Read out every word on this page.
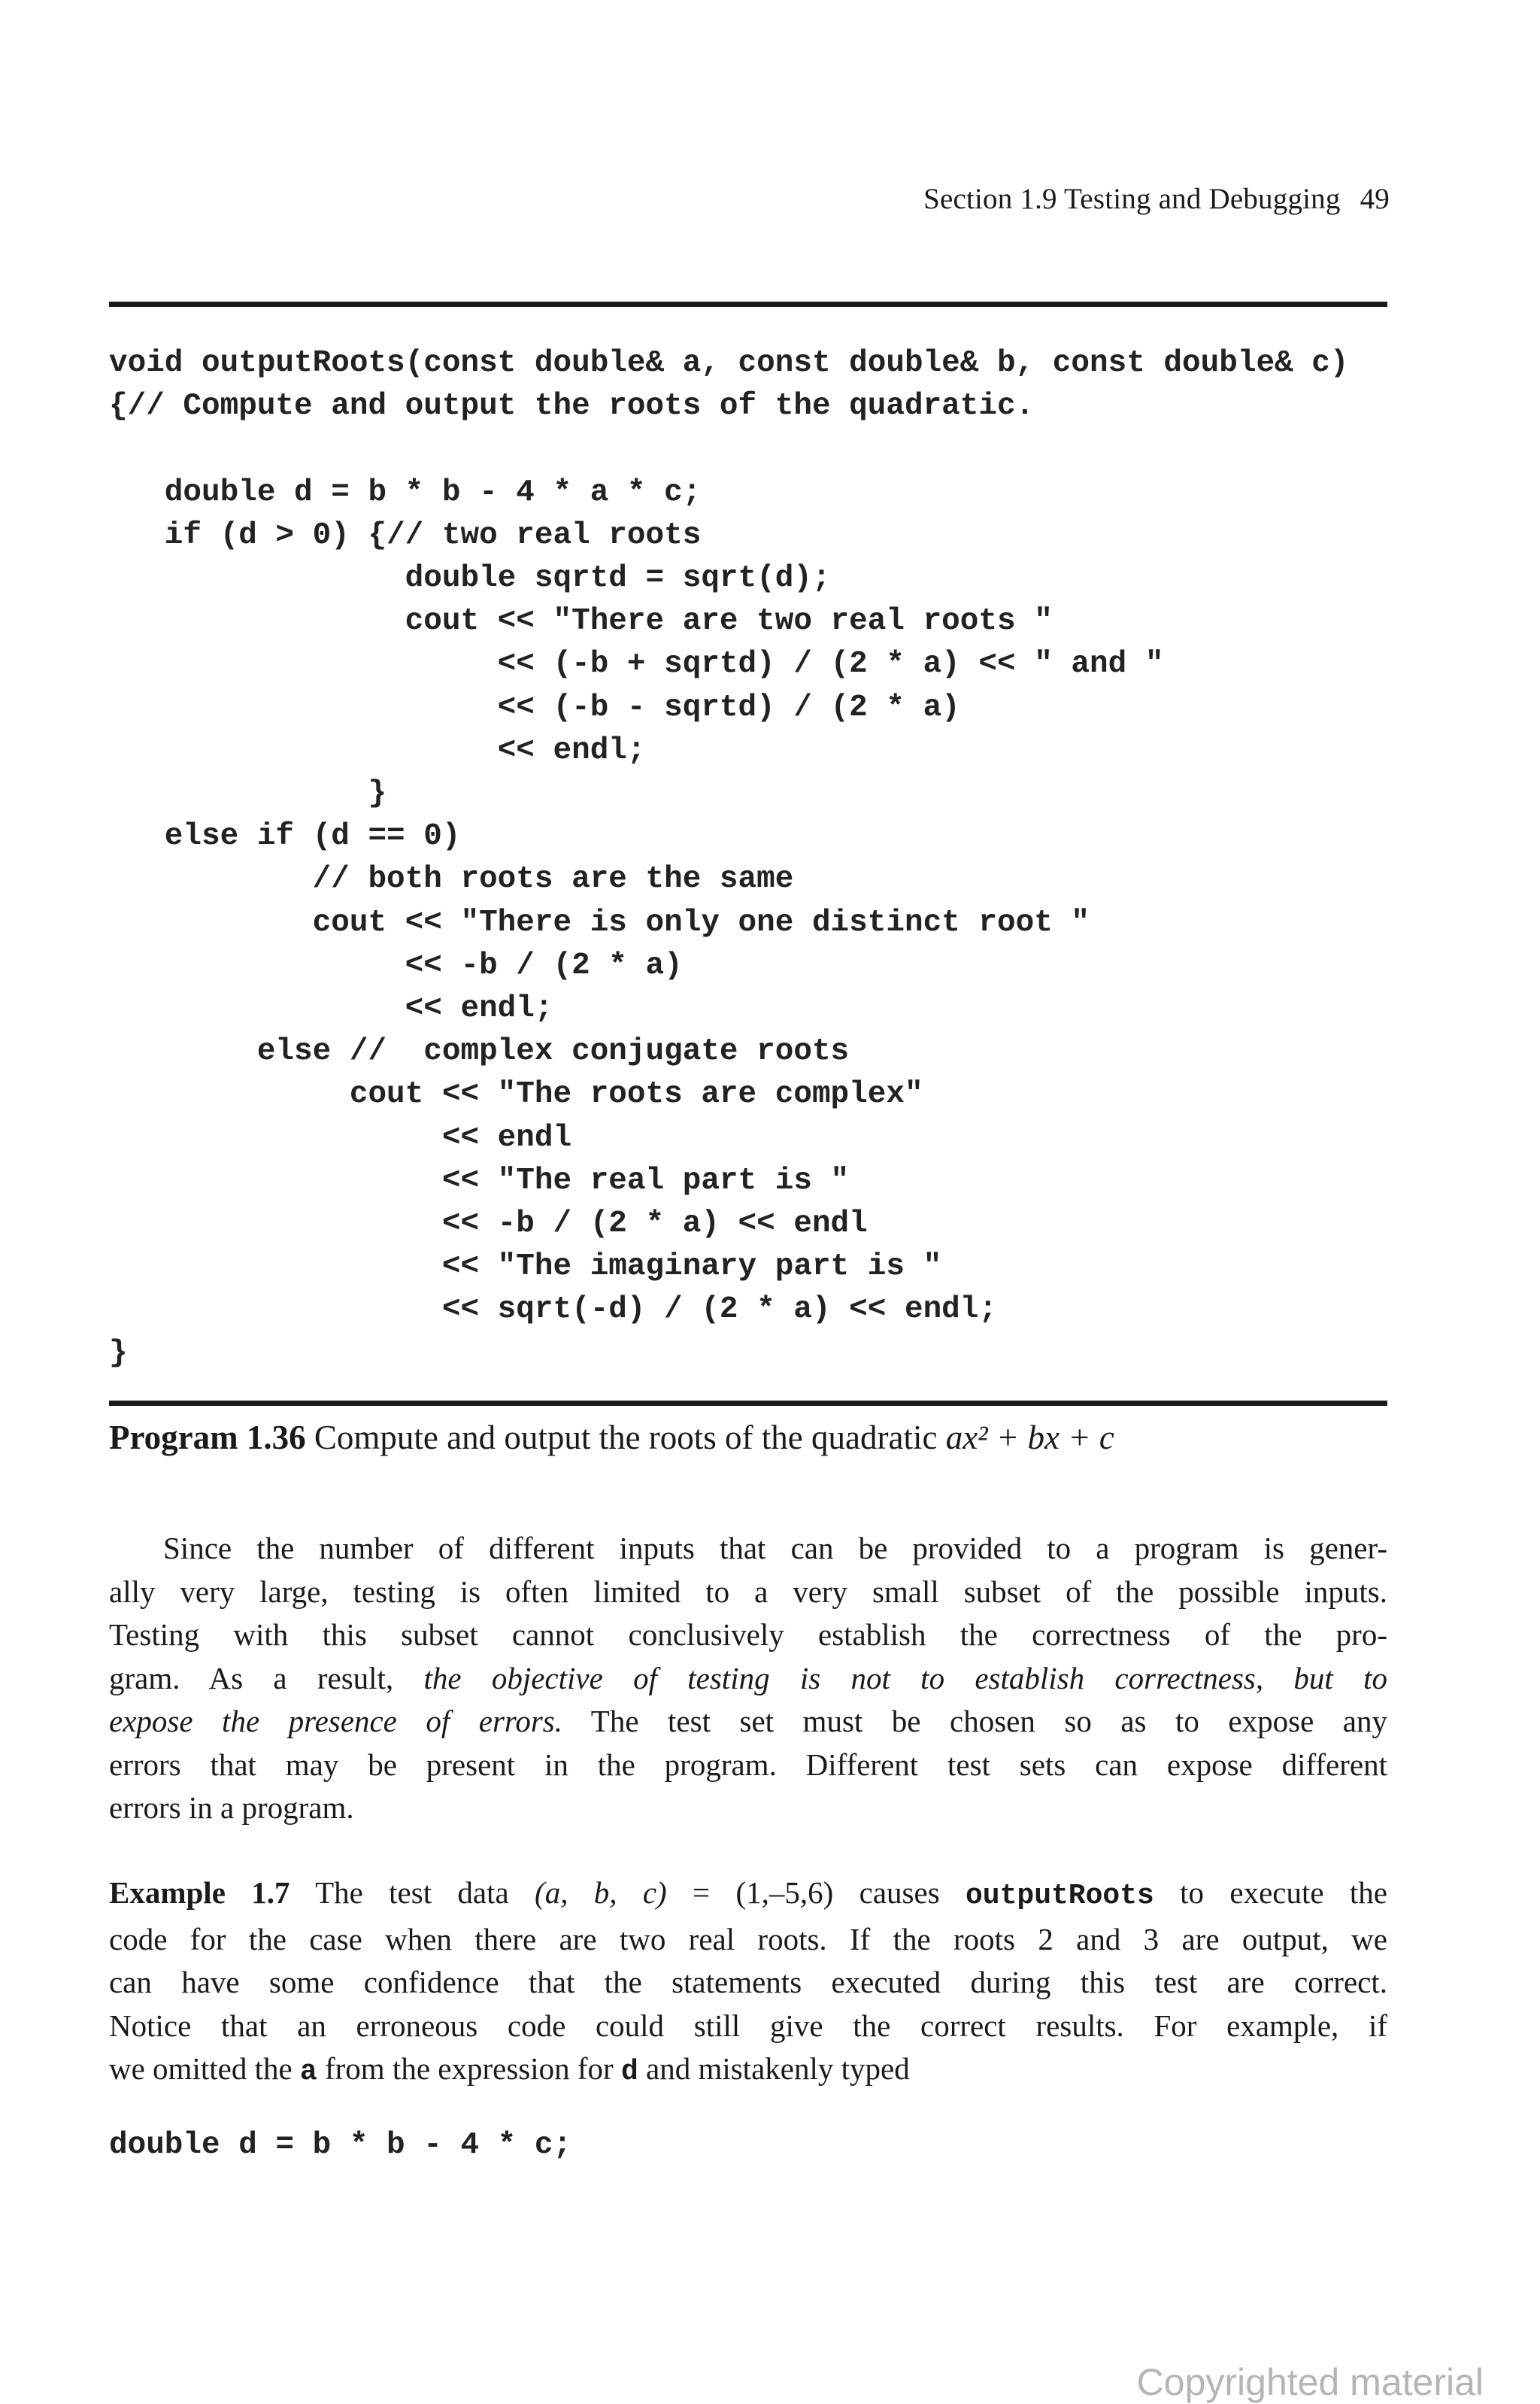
Section 1.9 Testing and Debugging 49
void outputRoots(const double& a, const double& b, const double& c)
{// Compute and output the roots of the quadratic.

double d = b * b - 4 * a * c;
if (d > 0) {// two real roots
double sqrtd = sqrt(d);
cout << "There are two real roots "
<< (-b + sqrtd) / (2 * a) << " and "
<< (-b - sqrtd) / (2 * a)
<< endl;
}
else if (d == 0)
// both roots are the same
cout << "There is only one distinct root "
<< -b / (2 * a)
<< endl;
else //  complex conjugate roots
cout << "The roots are complex"
<< endl
<< "The real part is "
<< -b / (2 * a) << endl
<< "The imaginary part is "
<< sqrt(-d) / (2 * a) << endl;
}
Program 1.36 Compute and output the roots of the quadratic ax² + bx + c
Since the number of different inputs that can be provided to a program is gener-
ally very large, testing is often limited to a very small subset of the possible inputs.
Testing with this subset cannot conclusively establish the correctness of the pro-
gram. As a result, the objective of testing is not to establish correctness, but to
expose the presence of errors. The test set must be chosen so as to expose any
errors that may be present in the program. Different test sets can expose different
errors in a program.
Example 1.7 The test data (a, b, c) = (1,–5,6) causes outputRoots to execute the
code for the case when there are two real roots. If the roots 2 and 3 are output, we
can have some confidence that the statements executed during this test are correct.
Notice that an erroneous code could still give the correct results. For example, if
we omitted the a from the expression for d and mistakenly typed
double d = b * b - 4 * c;
Copyrighted material
